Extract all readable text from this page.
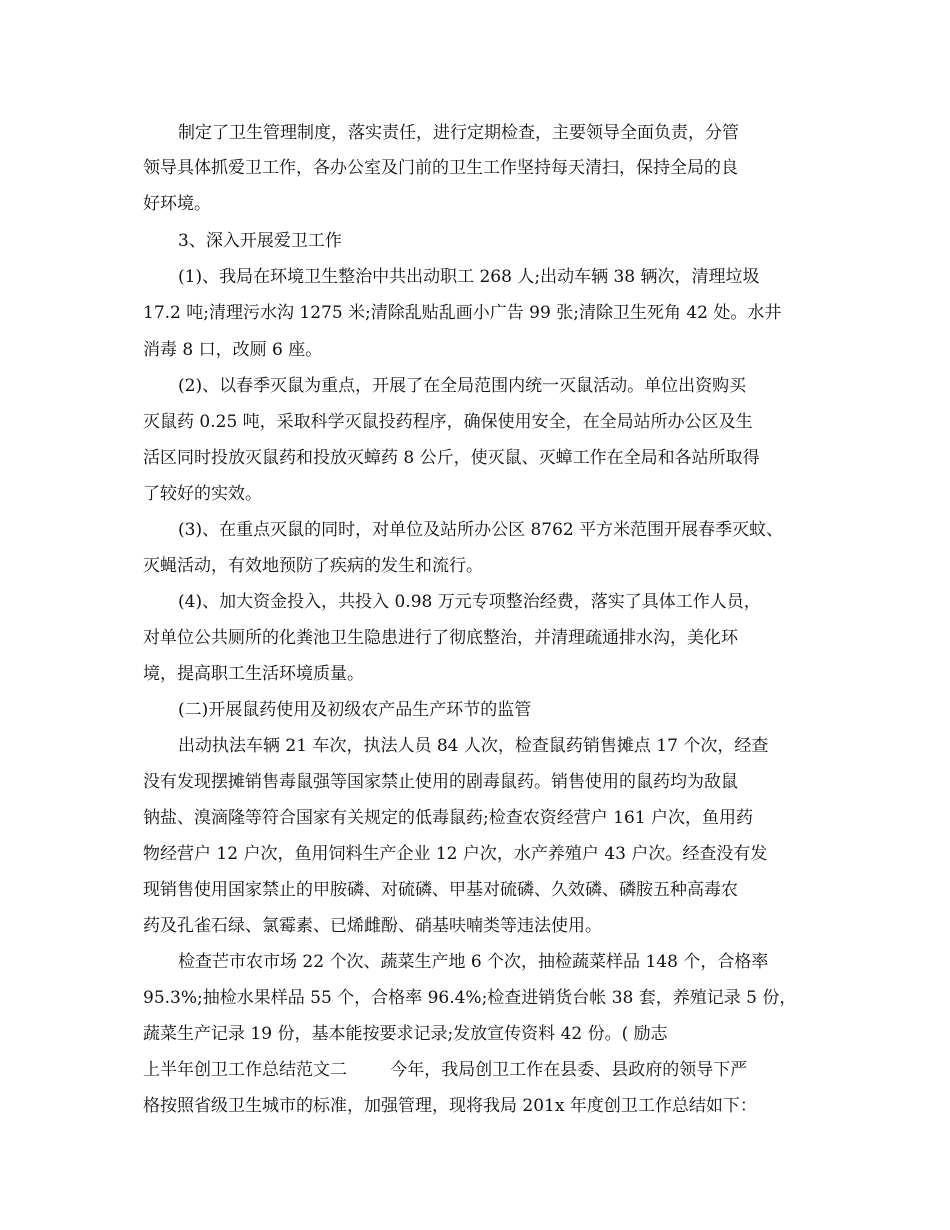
制定了卫生管理制度，落实责任，进行定期检查，主要领导全面负责，分管
领导具体抓爱卫工作，各办公室及门前的卫生工作坚持每天清扫，保持全局的良
好环境。
3、深入开展爱卫工作
(1)、我局在环境卫生整治中共出动职工 268 人;出动车辆 38 辆次，清理垃圾
17.2 吨;清理污水沟 1275 米;清除乱贴乱画小广告 99 张;清除卫生死角 42 处。水井
消毒 8 口，改厕 6 座。
(2)、以春季灭鼠为重点，开展了在全局范围内统一灭鼠活动。单位出资购买
灭鼠药 0.25 吨，采取科学灭鼠投药程序，确保使用安全，在全局站所办公区及生
活区同时投放灭鼠药和投放灭蟑药 8 公斤，使灭鼠、灭蟑工作在全局和各站所取得
了较好的实效。
(3)、在重点灭鼠的同时，对单位及站所办公区 8762 平方米范围开展春季灭蚊、
灭蝇活动，有效地预防了疾病的发生和流行。
(4)、加大资金投入，共投入 0.98 万元专项整治经费，落实了具体工作人员，
对单位公共厕所的化粪池卫生隐患进行了彻底整治，并清理疏通排水沟，美化环
境，提高职工生活环境质量。
(二)开展鼠药使用及初级农产品生产环节的监管
出动执法车辆 21 车次，执法人员 84 人次，检查鼠药销售摊点 17 个次，经查
没有发现摆摊销售毒鼠强等国家禁止使用的剧毒鼠药。销售使用的鼠药均为敌鼠
钠盐、溴滴隆等符合国家有关规定的低毒鼠药;检查农资经营户 161 户次，鱼用药
物经营户 12 户次，鱼用饲料生产企业 12 户次，水产养殖户 43 户次。经查没有发
现销售使用国家禁止的甲胺磷、对硫磷、甲基对硫磷、久效磷、磷胺五种高毒农
药及孔雀石绿、氯霉素、已烯雌酚、硝基呋喃类等违法使用。
检查芒市农市场 22 个次、蔬菜生产地 6 个次，抽检蔬菜样品 148 个，合格率
95.3%;抽检水果样品 55 个，合格率 96.4%;检查进销货台帐 38 套，养殖记录 5 份，
蔬菜生产记录 19 份，基本能按要求记录;发放宣传资料 42 份。( 励志
上半年创卫工作总结范文二        今年，我局创卫工作在县委、县政府的领导下严
格按照省级卫生城市的标准，加强管理，现将我局 201x 年度创卫工作总结如下：
